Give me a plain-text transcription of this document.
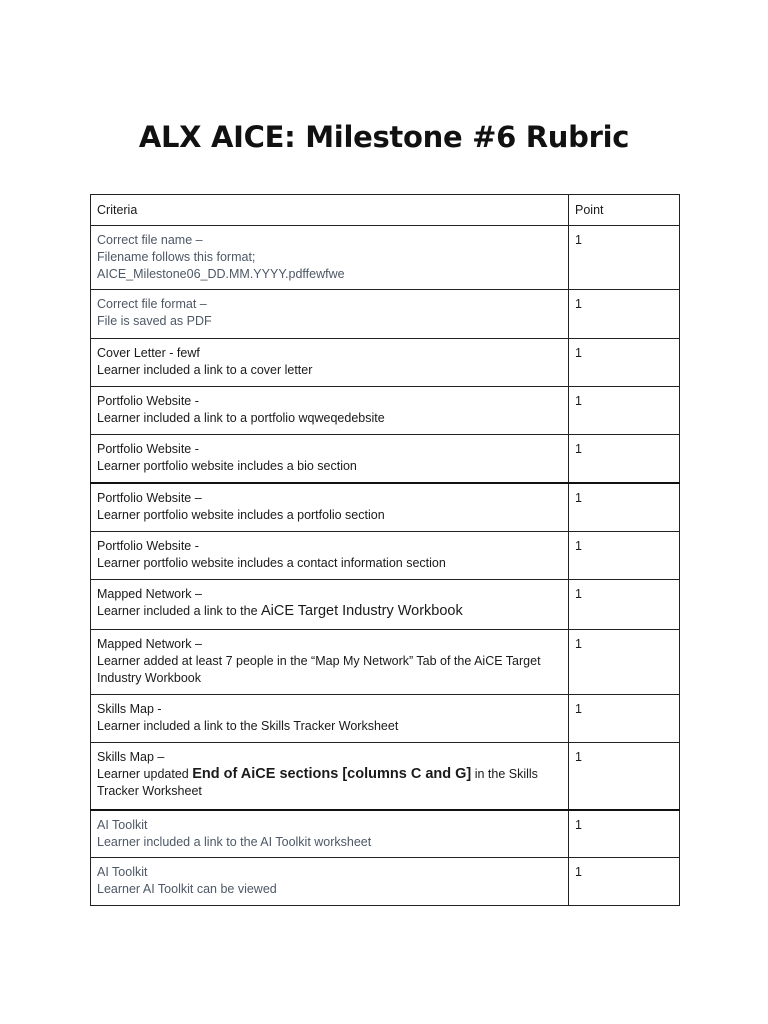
ALX AICE: Milestone #6 Rubric
Criteria	Point

Correct file name –
Filename follows this format;
AICE_Milestone06_DD.MM.YYYY.pdffewfwe	1

Correct file format –
File is saved as PDF	1

Cover Letter - fewf
Learner included a link to a cover letter	1

Portfolio Website -
Learner included a link to a portfolio wqweqedebsite	1

Portfolio Website -
Learner portfolio website includes a bio section	1

Portfolio Website –
Learner portfolio website includes a portfolio section	1

Portfolio Website -
Learner portfolio website includes a contact information section	1

Mapped Network –
Learner included a link to the AiCE Target Industry Workbook	1

Mapped Network –
Learner added at least 7 people in the “Map My Network” Tab of the AiCE Target Industry Workbook	1

Skills Map -
Learner included a link to the Skills Tracker Worksheet	1

Skills Map –
Learner updated End of AiCE sections [columns C and G] in the Skills Tracker Worksheet	1

AI Toolkit
Learner included a link to the AI Toolkit worksheet	1

AI Toolkit
Learner AI Toolkit can be viewed	1
